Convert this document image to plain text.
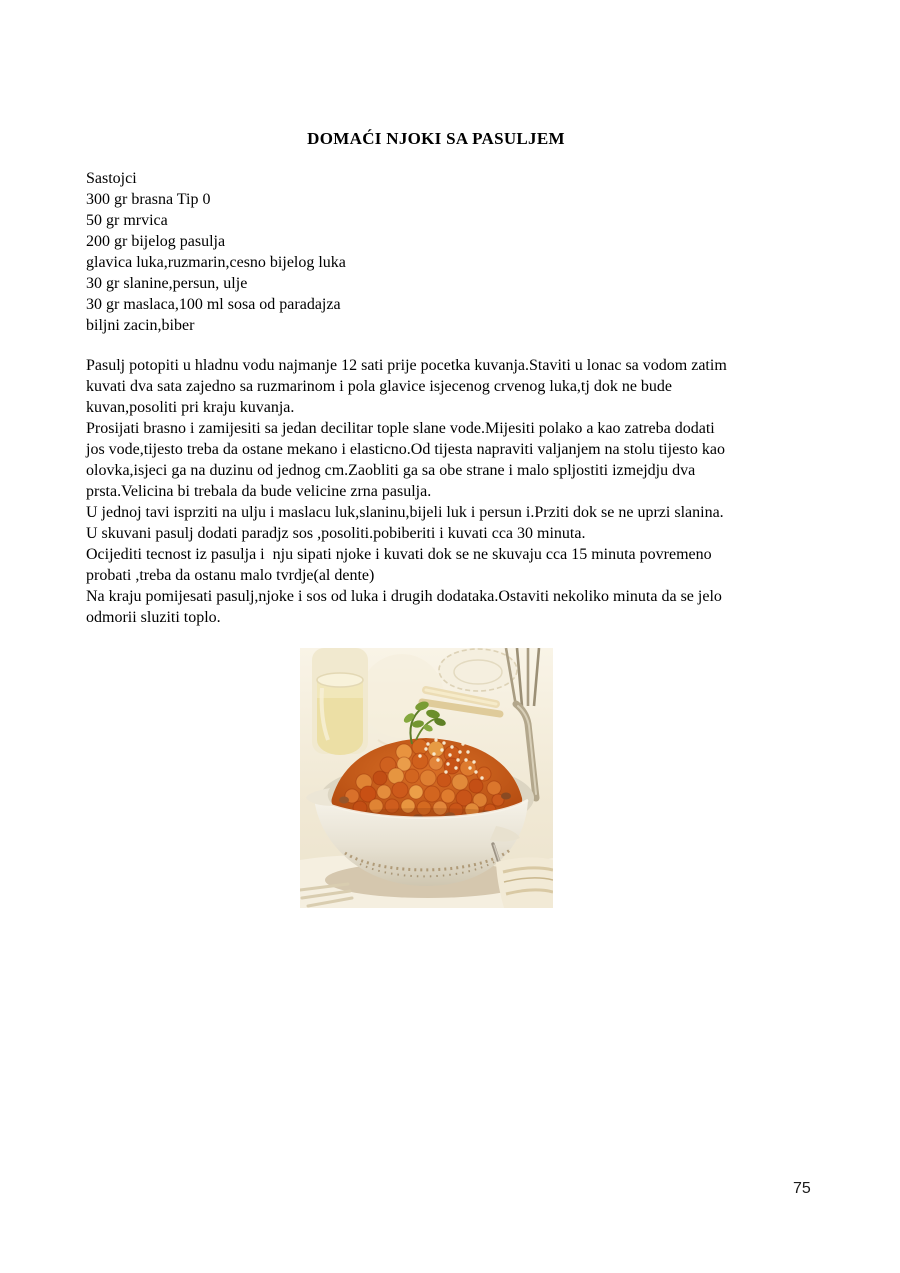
DOMAĆI NJOKI SA PASULJEM
Sastojci
300 gr brasna Tip 0
50 gr mrvica
200 gr bijelog pasulja
glavica luka,ruzmarin,cesno bijelog luka
30 gr slanine,persun, ulje
30 gr maslaca,100 ml sosa od paradajza
biljni zacin,biber
Pasulj potopiti u hladnu vodu najmanje 12 sati prije pocetka kuvanja.Staviti u lonac sa vodom zatim
kuvati dva sata zajedno sa ruzmarinom i pola glavice isjecenog crvenog luka,tj dok ne bude
kuvan,posoliti pri kraju kuvanja.
Prosijati brasno i zamijesiti sa jedan decilitar tople slane vode.Mijesiti polako a kao zatreba dodati
jos vode,tijesto treba da ostane mekano i elasticno.Od tijesta napraviti valjanjem na stolu tijesto kao
olovka,isjeci ga na duzinu od jednog cm.Zaobliti ga sa obe strane i malo spljostiti izmejdju dva
prsta.Velicina bi trebala da bude velicine zrna pasulja.
U jednoj tavi isprziti na ulju i maslacu luk,slaninu,bijeli luk i persun i.Prziti dok se ne uprzi slanina.
U skuvani pasulj dodati paradjz sos ,posoliti.pobiberiti i kuvati cca 30 minuta.
Ocijediti tecnost iz pasulja i  nju sipati njoke i kuvati dok se ne skuvaju cca 15 minuta povremeno
probati ,treba da ostanu malo tvrdje(al dente)
Na kraju pomijesati pasulj,njoke i sos od luka i drugih dodataka.Ostaviti nekoliko minuta da se jelo
odmorii sluziti toplo.
75
